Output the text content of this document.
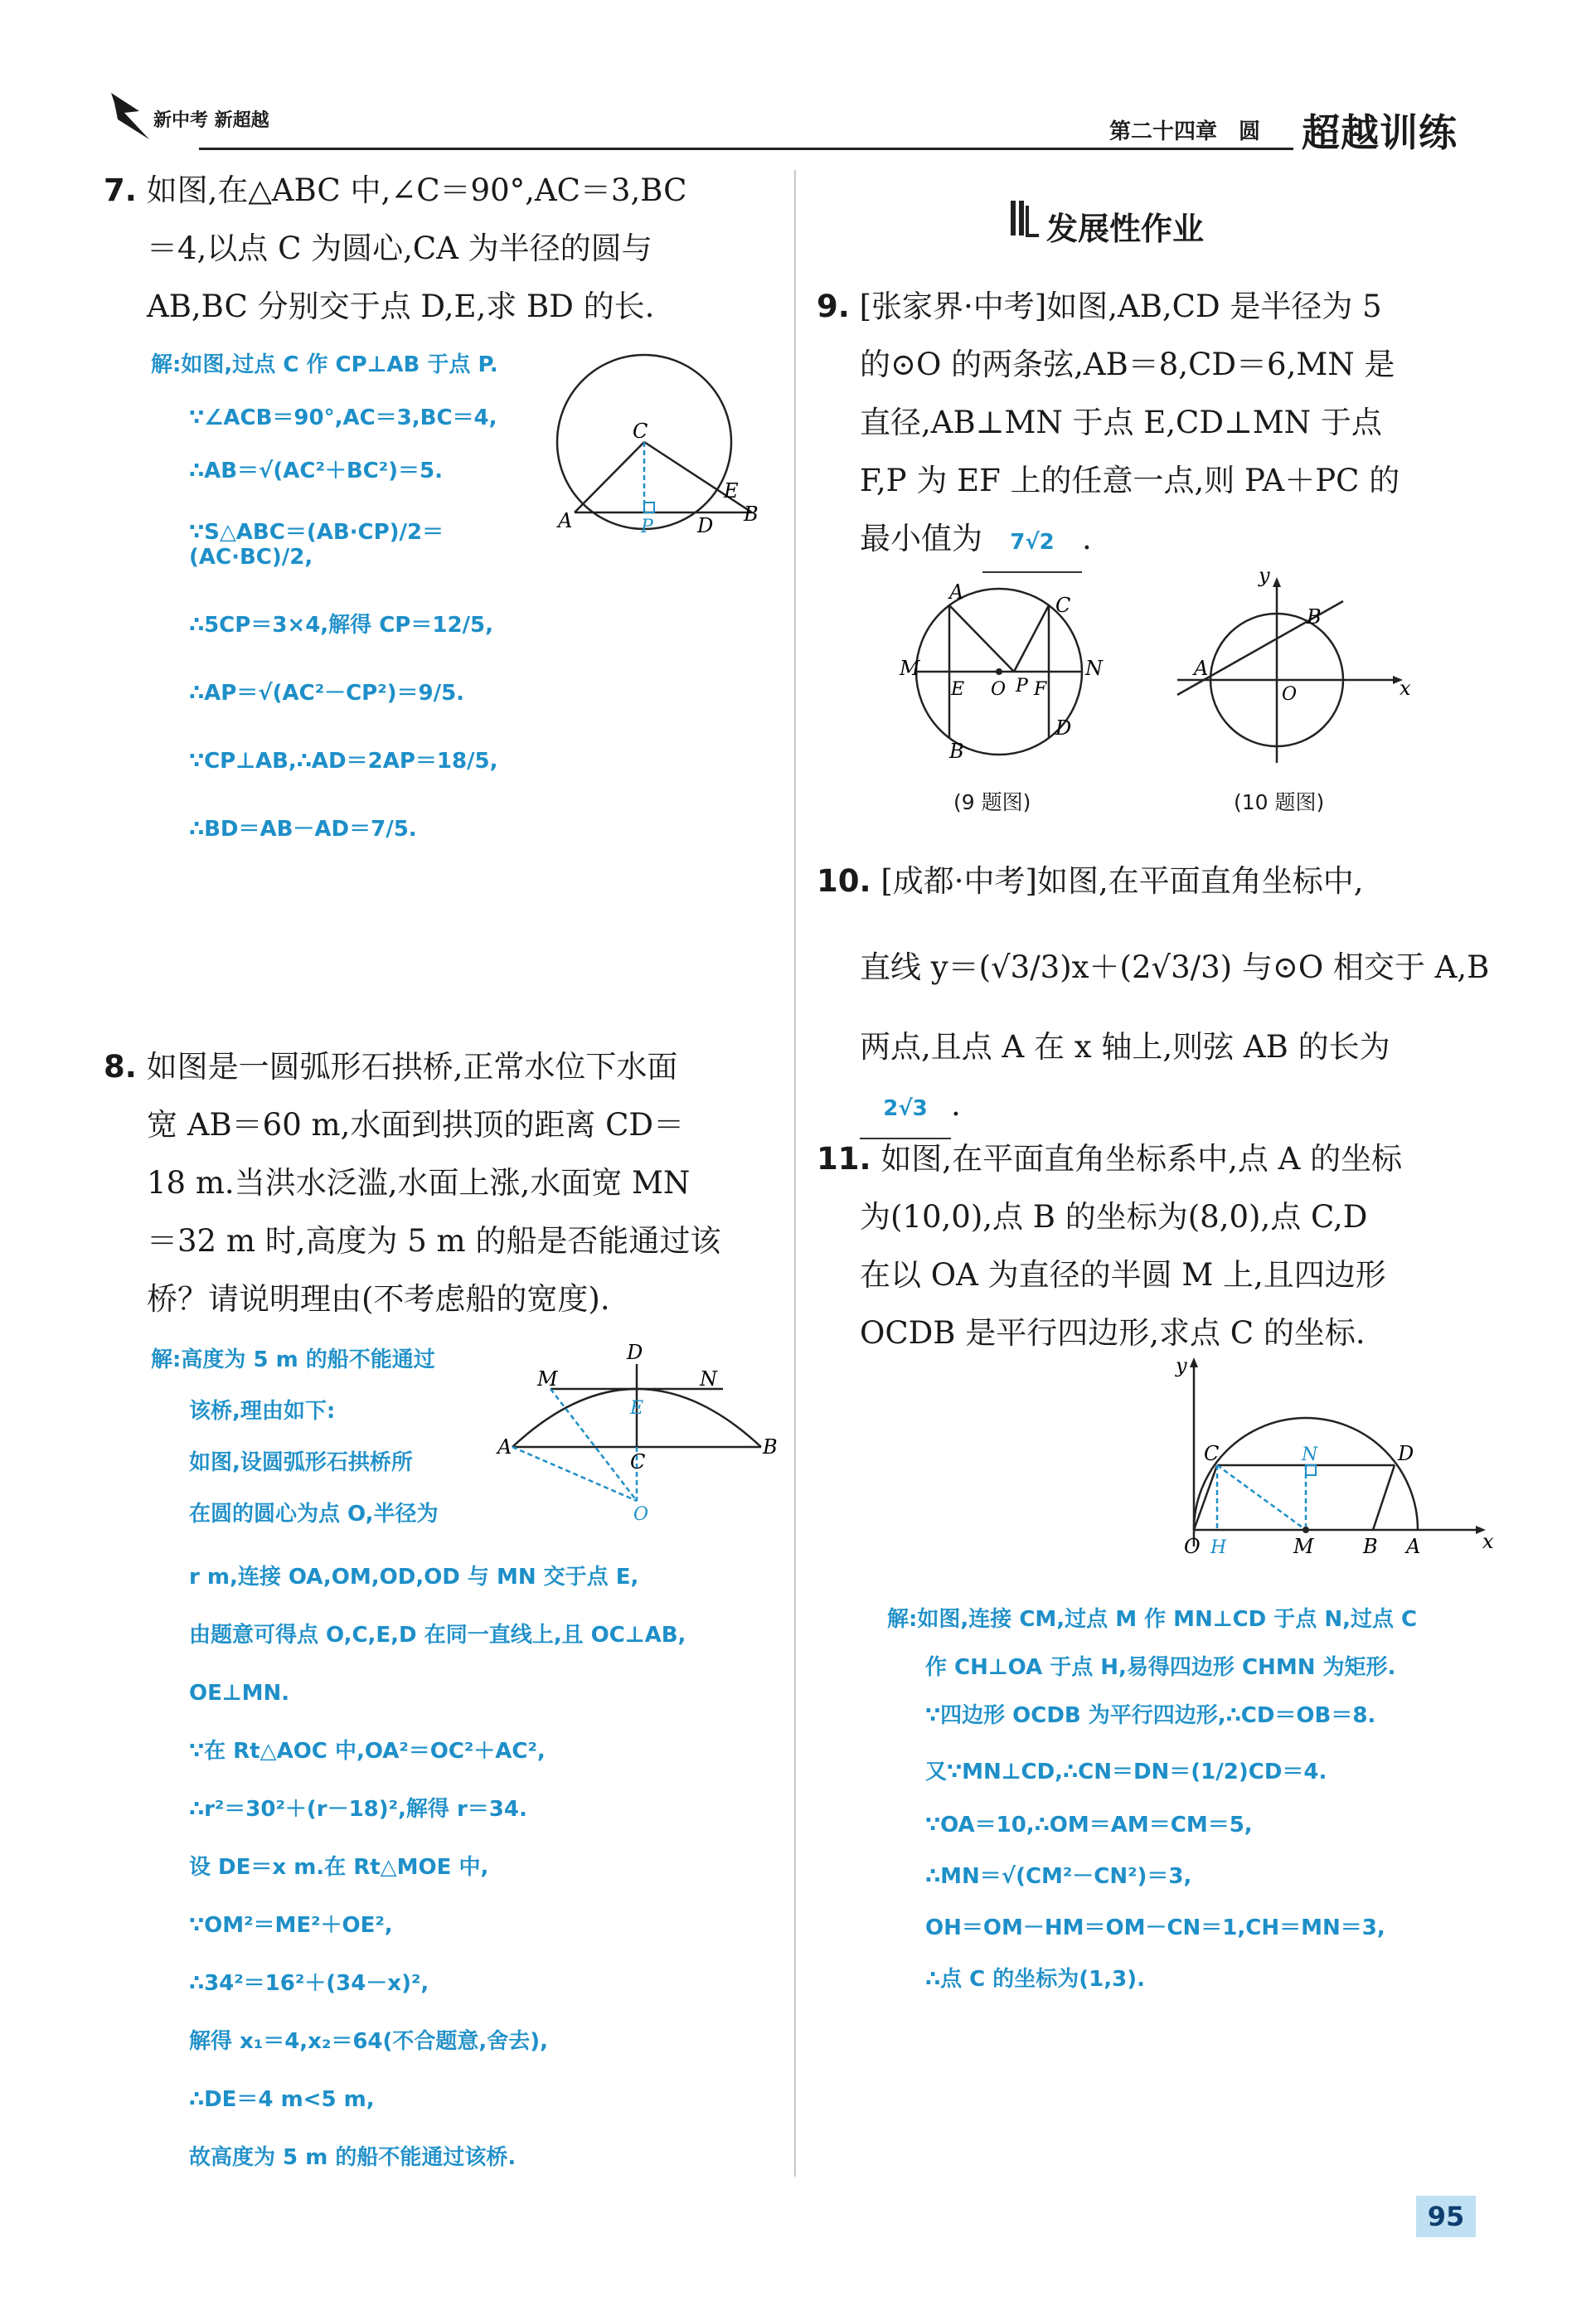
新中考 新超越	第二十四章　圆 超越训练
7. 如图,在△ABC 中,∠C＝90°,AC＝3,BC
＝4,以点 C 为圆心,CA 为半径的圆与
AB,BC 分别交于点 D,E,求 BD 的长.

解:如图,过点 C 作 CP⊥AB 于点 P.

∵∠ACB＝90°,AC＝3,BC＝4,

∴AB＝√(AC²＋BC²)＝5.

∵S△ABC＝(AB·CP)/2＝(AC·BC)/2,

∴5CP＝3×4,解得 CP＝12/5,

∴AP＝√(AC²－CP²)＝9/5.

∵CP⊥AB,∴AD＝2AP＝18/5,

∴BD＝AB－AD＝7/5.

C
A	P D
E
B
8. 如图是一圆弧形石拱桥,正常水位下水面
宽 AB＝60 m,水面到拱顶的距离 CD＝
18 m.当洪水泛滥,水面上涨,水面宽 MN
＝32 m 时,高度为 5 m 的船是否能通过该
桥？请说明理由(不考虑船的宽度).

解:高度为 5 m 的船不能通过

该桥,理由如下:

如图,设圆弧形石拱桥所

在圆的圆心为点 O,半径为

r m,连接 OA,OM,OD,OD 与 MN 交于点 E,

由题意可得点 O,C,E,D 在同一直线上,且 OC⊥AB,

OE⊥MN.

∵在 Rt△AOC 中,OA²＝OC²＋AC²,

∴r²＝30²＋(r－18)²,解得 r＝34.

设 DE＝x m.在 Rt△MOE 中,

∵OM²＝ME²＋OE²,

∴34²＝16²＋(34－x)²,

解得 x₁＝4,x₂＝64(不合题意,舍去),

∴DE＝4 m<5 m,

故高度为 5 m 的船不能通过该桥.

M
D
N
E
A	B
C
O
发展性作业
9. [张家界·中考]如图,AB,CD 是半径为 5
的⊙O 的两条弦,AB＝8,CD＝6,MN 是
直径,AB⊥MN 于点 E,CD⊥MN 于点
F,P 为 EF 上的任意一点,则 PA＋PC 的
最小值为 7√2 .
A
B
M
E O P F
N
C
D
y
x
A
B
O
(9 题图)	(10 题图)
10. [成都·中考]如图,在平面直角坐标中,
直线 y＝(√3/3)x＋(2√3/3) 与⊙O 相交于 A,B
两点,且点 A 在 x 轴上,则弦 AB 的长为
2√3 .
11. 如图,在平面直角坐标系中,点 A 的坐标
为(10,0),点 B 的坐标为(8,0),点 C,D
在以 OA 为直径的半圆 M 上,且四边形
OCDB 是平行四边形,求点 C 的坐标.
y
x
O H	M B A
C	D
N

解:如图,连接 CM,过点 M 作 MN⊥CD 于点 N,过点 C

作 CH⊥OA 于点 H,易得四边形 CHMN 为矩形.

∵四边形 OCDB 为平行四边形,∴CD＝OB＝8.

又∵MN⊥CD,∴CN＝DN＝(1/2)CD＝4.

∵OA＝10,∴OM＝AM＝CM＝5,

∴MN＝√(CM²－CN²)＝3,

OH＝OM－HM＝OM－CN＝1,CH＝MN＝3,

∴点 C 的坐标为(1,3).

95
